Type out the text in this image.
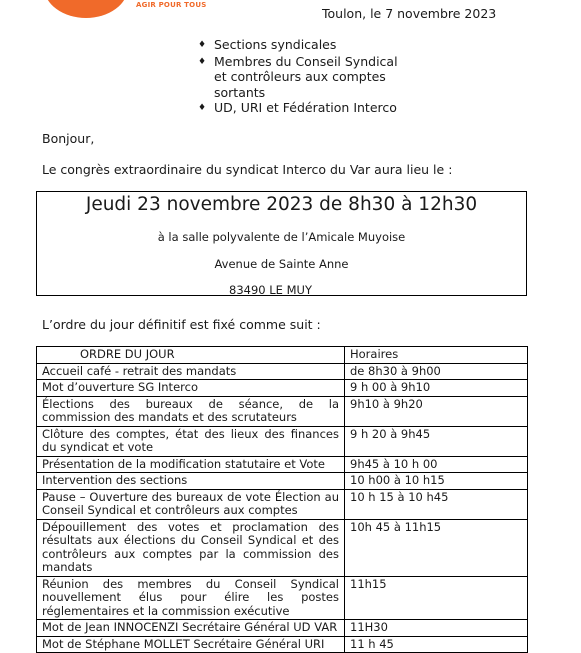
AGIR POUR TOUS
Toulon, le 7 novembre 2023
♦ Sections syndicales
♦ Membres du Conseil Syndical et contrôleurs aux comptes sortants
♦ UD, URI et Fédération Interco
Bonjour,
Le congrès extraordinaire du syndicat Interco du Var aura lieu le :
Jeudi 23 novembre 2023 de 8h30 à 12h30
à la salle polyvalente de l’Amicale Muyoise
Avenue de Sainte Anne
83490 LE MUY
L’ordre du jour définitif est fixé comme suit :
ORDRE DU JOUR	Horaires
Accueil café - retrait des mandats	de 8h30 à 9h00
Mot d’ouverture SG Interco	9 h 00 à 9h10
Élections des bureaux de séance, de la commission des mandats et des scrutateurs	9h10 à 9h20
Clôture des comptes, état des lieux des finances du syndicat et vote	9 h 20 à 9h45
Présentation de la modification statutaire et Vote	9h45 à 10 h 00
Intervention des sections	10 h00 à 10 h15
Pause – Ouverture des bureaux de vote Élection au Conseil Syndical et contrôleurs aux comptes	10 h 15 à 10 h45
Dépouillement des votes et proclamation des résultats aux élections du Conseil Syndical et des contrôleurs aux comptes par la commission des mandats	10h 45 à 11h15
Réunion des membres du Conseil Syndical nouvellement élus pour élire les postes réglementaires et la commission exécutive	11h15
Mot de Jean INNOCENZI Secrétaire Général UD VAR	11H30
Mot de Stéphane MOLLET Secrétaire Général URI	11 h 45
